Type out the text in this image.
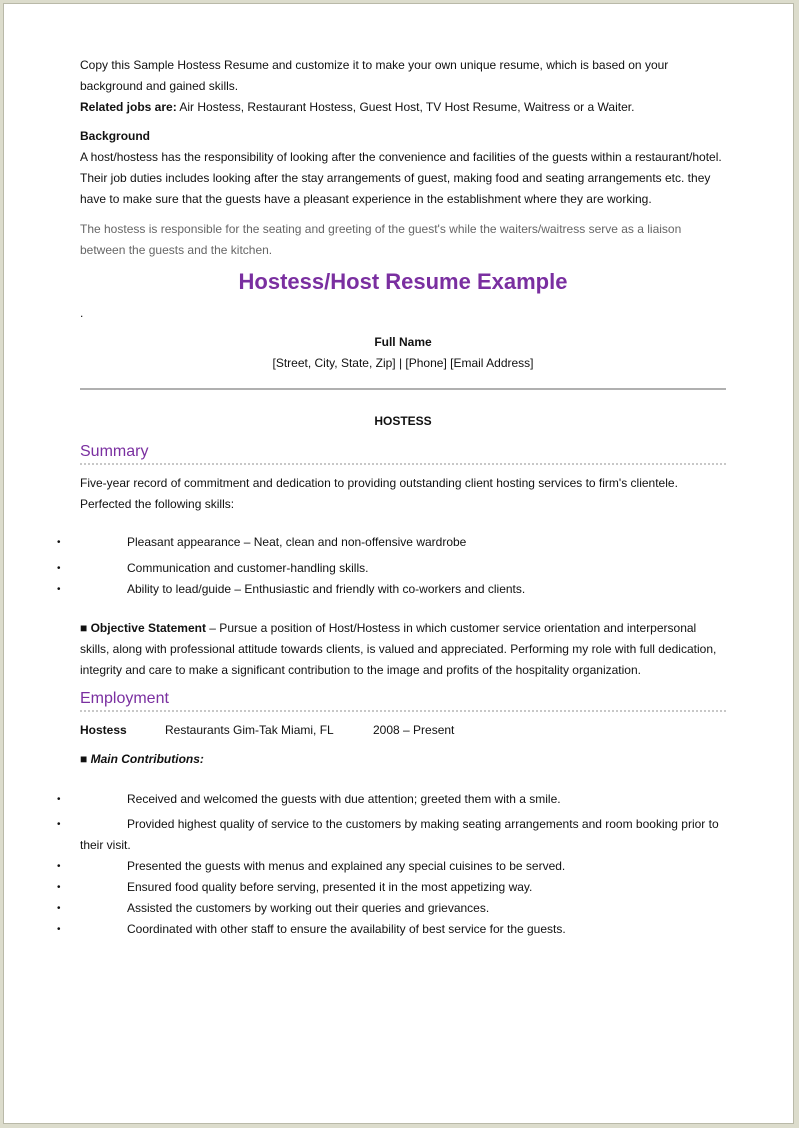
Copy this Sample Hostess Resume and customize it to make your own unique resume, which is based on your background and gained skills.

Related jobs are: Air Hostess, Restaurant Hostess, Guest Host, TV Host Resume, Waitress or a Waiter.

Background

A host/hostess has the responsibility of looking after the convenience and facilities of the guests within a restaurant/hotel. Their job duties includes looking after the stay arrangements of guest, making food and seating arrangements etc. they have to make sure that the guests have a pleasant experience in the establishment where they are working.

The hostess is responsible for the seating and greeting of the guest's while the waiters/waitress serve as a liaison between the guests and the kitchen.

Hostess/Host Resume Example

.

Full Name

[Street, City, State, Zip] | [Phone] [Email Address]

HOSTESS

Summary

Five-year record of commitment and dedication to providing outstanding client hosting services to firm's clientele. Perfected the following skills:

•	Pleasant appearance – Neat, clean and non-offensive wardrobe
•	Communication and customer-handling skills.
•	Ability to lead/guide – Enthusiastic and friendly with co-workers and clients.

■ Objective Statement – Pursue a position of Host/Hostess in which customer service orientation and interpersonal skills, along with professional attitude towards clients, is valued and appreciated. Performing my role with full dedication, integrity and care to make a significant contribution to the image and profits of the hospitality organization.

Employment

Hostess	Restaurants Gim-Tak Miami, FL	2008 – Present

■ Main Contributions:

•	Received and welcomed the guests with due attention; greeted them with a smile.
•	Provided highest quality of service to the customers by making seating arrangements and room booking prior to their visit.
•	Presented the guests with menus and explained any special cuisines to be served.
•	Ensured food quality before serving, presented it in the most appetizing way.
•	Assisted the customers by working out their queries and grievances.
•	Coordinated with other staff to ensure the availability of best service for the guests.
